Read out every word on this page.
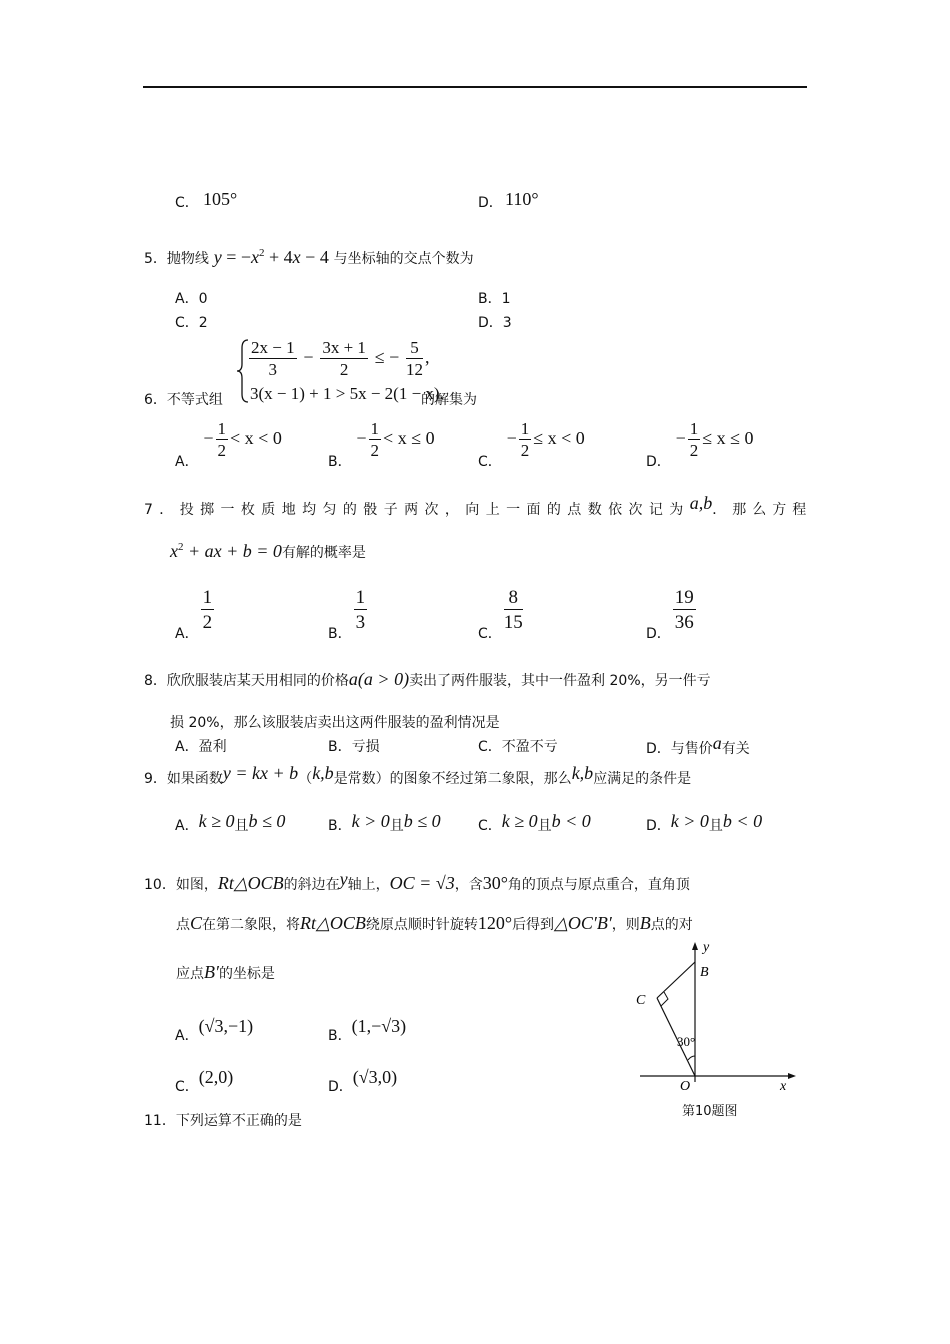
C． 105°	D． 110°
5．抛物线 $y = -x^2 + 4x - 4$ 与坐标轴的交点个数为
A．0	B．1
C．2	D．3
6．不等式组
$\frac{2x - 1}{3} - \frac{3x + 1}{2}$ ≤ − $\frac{5}{12}$ ,
3(x − 1) + 1 > 5x − 2(1 − x).
的解集为
A． − $\frac{1}{2} < x < 0$
B． − $\frac{1}{2} < x \le 0$
C． − $\frac{1}{2} \le x < 0$
D． − $\frac{1}{2} \le x \le 0$
7．投掷一枚质地均匀的骰子两次，向上一面的点数依次记为a,b．那么方程
$x^2$ + ax + b = 0有解的概率是
A．
$\frac{1}{2}$
B．
$\frac{1}{3}$
C．
$\frac{8}{15}$
D．
$\frac{19}{36}$
8．欣欣服装店某天用相同的价格a(a > 0)卖出了两件服装，其中一件盈利 20%，另一件亏
损 20%，那么该服装店卖出这两件服装的盈利情况是
A．盈利	B．亏损	C．不盈不亏	D．与售价a有关
9．如果函数y = kx + b（k,b是常数）的图象不经过第二象限，那么k,b应满足的条件是
A．k ≥ 0且b ≤ 0	B．k > 0且b ≤ 0	C．k ≥ 0且b < 0	D．k > 0且b < 0
10．如图，Rt△OCB的斜边在y轴上，OC = √3，含30°角的顶点与原点重合，直角顶
点C在第二象限，将Rt△OCB绕原点顺时针旋转120°后得到△OC′B′，则B点的对
应点B′的坐标是
A．(√3,−1)	B．(1,−√3)
C．(2,0)	D．(√3,0)
y
x
B
C
O
30°
第10题图
11．下列运算不正确的是
